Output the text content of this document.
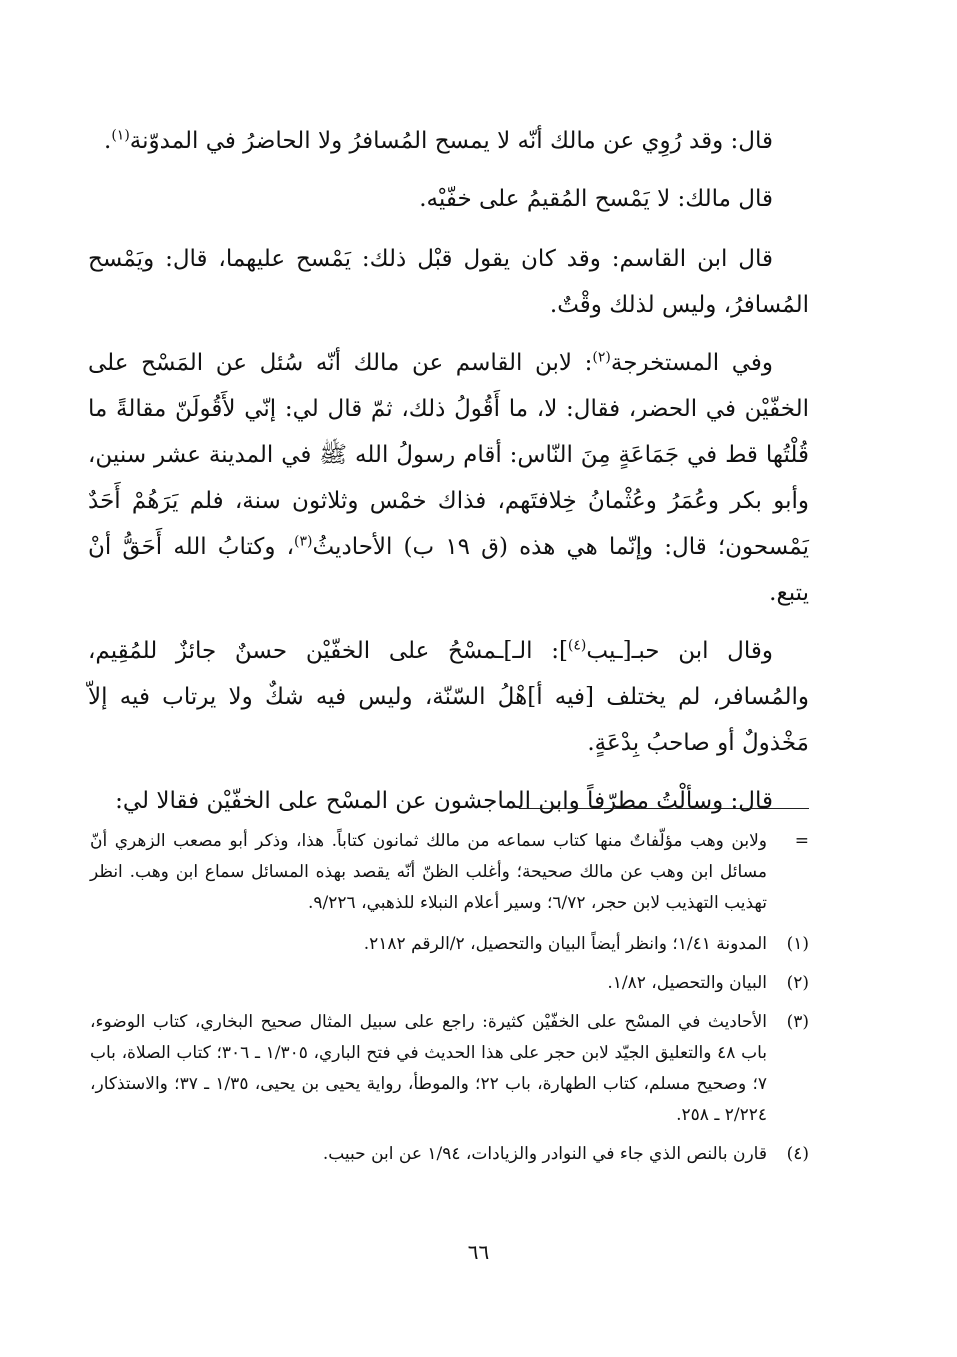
قال: وقد رُوِي عن مالك أنّه لا يمسح المُسافرُ ولا الحاضرُ في المدوّنة$^{(١)}$.

قال مالك: لا يَمْسح المُقيمُ على خفّيْه.

قال ابن القاسم: وقد كان يقول قبْل ذلك: يَمْسح عليهما، قال: ويَمْسح المُسافرُ، وليس لذلك وقْتٌ.

وفي المستخرجة$^{(٢)}$: لابن القاسم عن مالك أنّه سُئل عن المَسْح على الخفّيْن في الحضر، فقال: لا، ما أَقُولُ ذلك، ثمّ قال لي: إنّي لأَقُولَنّ مقالةً ما قُلْتُها قط في جَمَاعَةٍ مِنَ النّاس: أقام رسولُ الله ﷺ في المدينة عشر سنين، وأبو بكر وعُمَرُ وعُثْمانُ خِلافتَهم، فذاك خمْس وثلاثون سنة، فلم يَرَهُمْ أَحَدٌ يَمْسحون؛ قال: وإنّما هي هذه (ق ١٩ ب) الأحاديثُ$^{(٣)}$، وكتابُ الله أَحَقُّ أنْ يتبع.

وقال ابن حبـ[ـيب$^{(٤)}$]: الـ]ـمسْحُ على الخفّيْن حسنٌ جائزٌ للمُقِيم، والمُسافر، لم يختلف [فيه أ]هْلُ السّنّة، وليس فيه شكٌ ولا يرتاب فيه إلاّ مَخْذولٌ أو صاحبُ بِدْعَةٍ.

قال: وسألْتُ مطرّفاً وابن الماجشون عن المسْح على الخفّيْن فقالا لي:

=
ولابن وهب مؤلّفاتٌ منها كتاب سماعه من مالك ثمانون كتاباً. هذا، وذكر أبو مصعب الزهري أنّ مسائل ابن وهب عن مالك صحيحة؛ وأغلب الظنّ أنّه يقصد بهذه المسائل سماع ابن وهب. انظر تهذيب التهذيب لابن حجر، ٦/٧٢؛ وسير أعلام النبلاء للذهبي، ٩/٢٢٦.
(١)
المدونة ١/٤١؛ وانظر أيضاً البيان والتحصيل، ٢/الرقم ٢١٨٢.
(٢)
البيان والتحصيل، ١/٨٢.
(٣)
الأحاديث في المسْح على الخفّيْن كثيرة: راجع على سبيل المثال صحيح البخاري، كتاب الوضوء، باب ٤٨ والتعليق الجيّد لابن حجر على هذا الحديث في فتح الباري، ١/٣٠٥ ـ ٣٠٦؛ كتاب الصلاة، باب ٧؛ وصحيح مسلم، كتاب الطهارة، باب ٢٢؛ والموطأ، رواية يحيى بن يحيى، ١/٣٥ ـ ٣٧؛ والاستذكار، ٢/٢٢٤ ـ ٢٥٨.
(٤)
قارن بالنص الذي جاء في النوادر والزيادات، ١/٩٤ عن ابن حبيب.
٦٦
